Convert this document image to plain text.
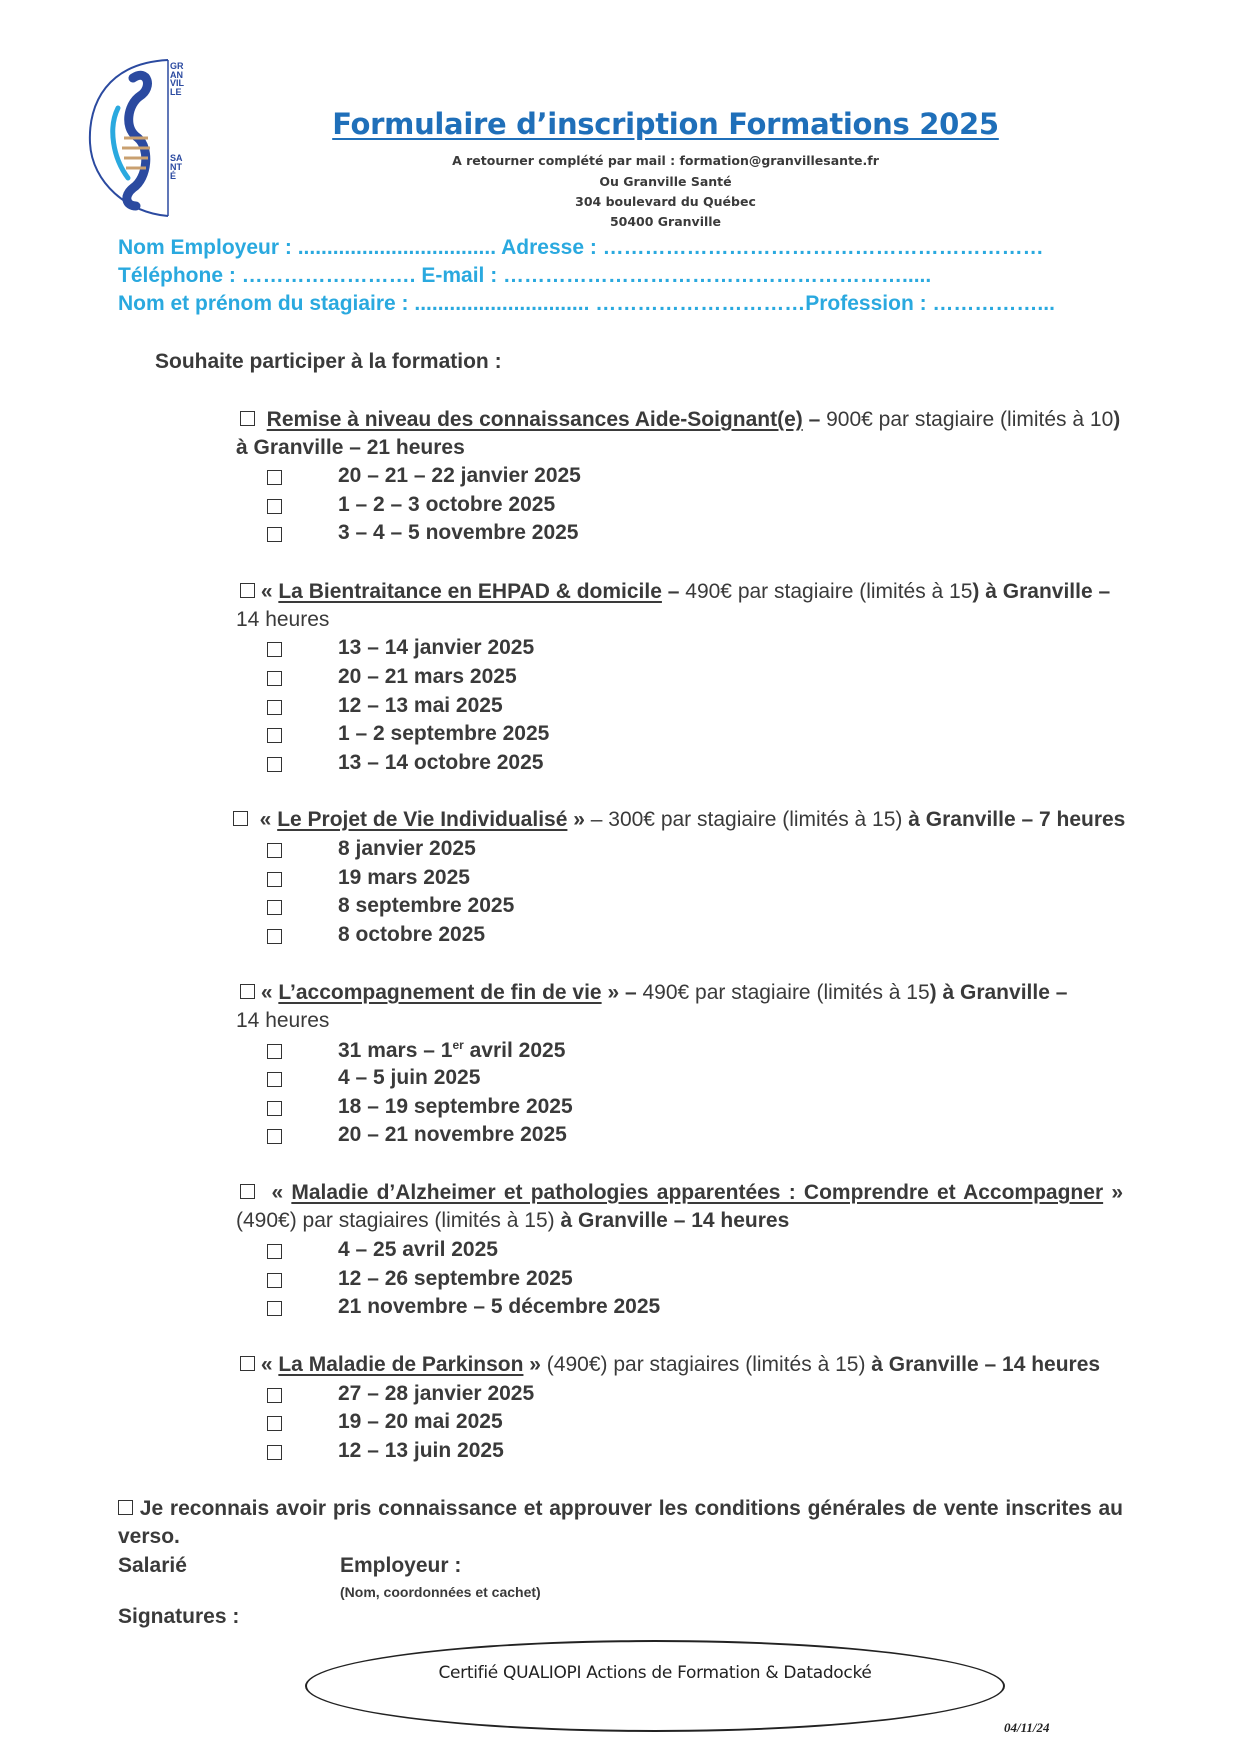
GRANVILLE
SANTÉ
Formulaire d’inscription Formations 2025
A retourner complété par mail : formation@granvillesante.fr
Ou Granville Santé
304 boulevard du Québec
50400 Granville
Nom Employeur : .................................. Adresse : ………………………………………………………
Téléphone : ……………………. E-mail : ………………………………………………….....
Nom et prénom du stagiaire : .............................. …………………………Profession : ……………...
Souhaite participer à la formation :
Remise à niveau des connaissances Aide-Soignant(e) – 900€ par stagiaire (limités à 10)
à Granville – 21 heures
20 – 21 – 22 janvier 2025
1 – 2 – 3 octobre 2025
3 – 4 – 5 novembre 2025
« La Bientraitance en EHPAD & domicile – 490€ par stagiaire (limités à 15) à Granville –
14 heures
13 – 14 janvier 2025
20 – 21 mars 2025
12 – 13 mai 2025
1 – 2 septembre 2025
13 – 14 octobre 2025
« Le Projet de Vie Individualisé » – 300€ par stagiaire (limités à 15) à Granville – 7 heures
8 janvier 2025
19 mars 2025
8 septembre 2025
8 octobre 2025
« L’accompagnement de fin de vie » – 490€ par stagiaire (limités à 15) à Granville –
14 heures
31 mars – 1er avril 2025
4 – 5 juin 2025
18 – 19 septembre 2025
20 – 21 novembre 2025
« Maladie d’Alzheimer et pathologies apparentées : Comprendre et Accompagner »
(490€) par stagiaires (limités à 15) à Granville – 14 heures
4 – 25 avril 2025
12 – 26 septembre 2025
21 novembre – 5 décembre 2025
« La Maladie de Parkinson » (490€) par stagiaires (limités à 15) à Granville – 14 heures
27 – 28 janvier 2025
19 – 20 mai 2025
12 – 13 juin 2025
Je reconnais avoir pris connaissance et approuver les conditions générales de vente inscrites au
verso.
Salarié	Employeur :
(Nom, coordonnées et cachet)
Signatures :
Certifié QUALIOPI Actions de Formation & Datadocké
04/11/24
